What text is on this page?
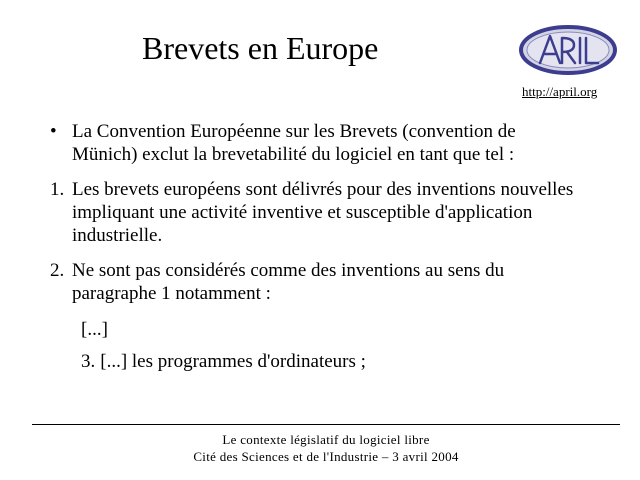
Brevets en Europe
http://april.org
• La Convention Européenne sur les Brevets (convention de Münich) exclut la brevetabilité du logiciel en tant que tel :
1. Les brevets européens sont délivrés pour des inventions nouvelles impliquant une activité inventive et susceptible d'application industrielle.
2. Ne sont pas considérés comme des inventions au sens du paragraphe 1 notamment :
[...]
3. [...] les programmes d'ordinateurs ;
Le contexte législatif du logiciel libre
Cité des Sciences et de l'Industrie – 3 avril 2004
